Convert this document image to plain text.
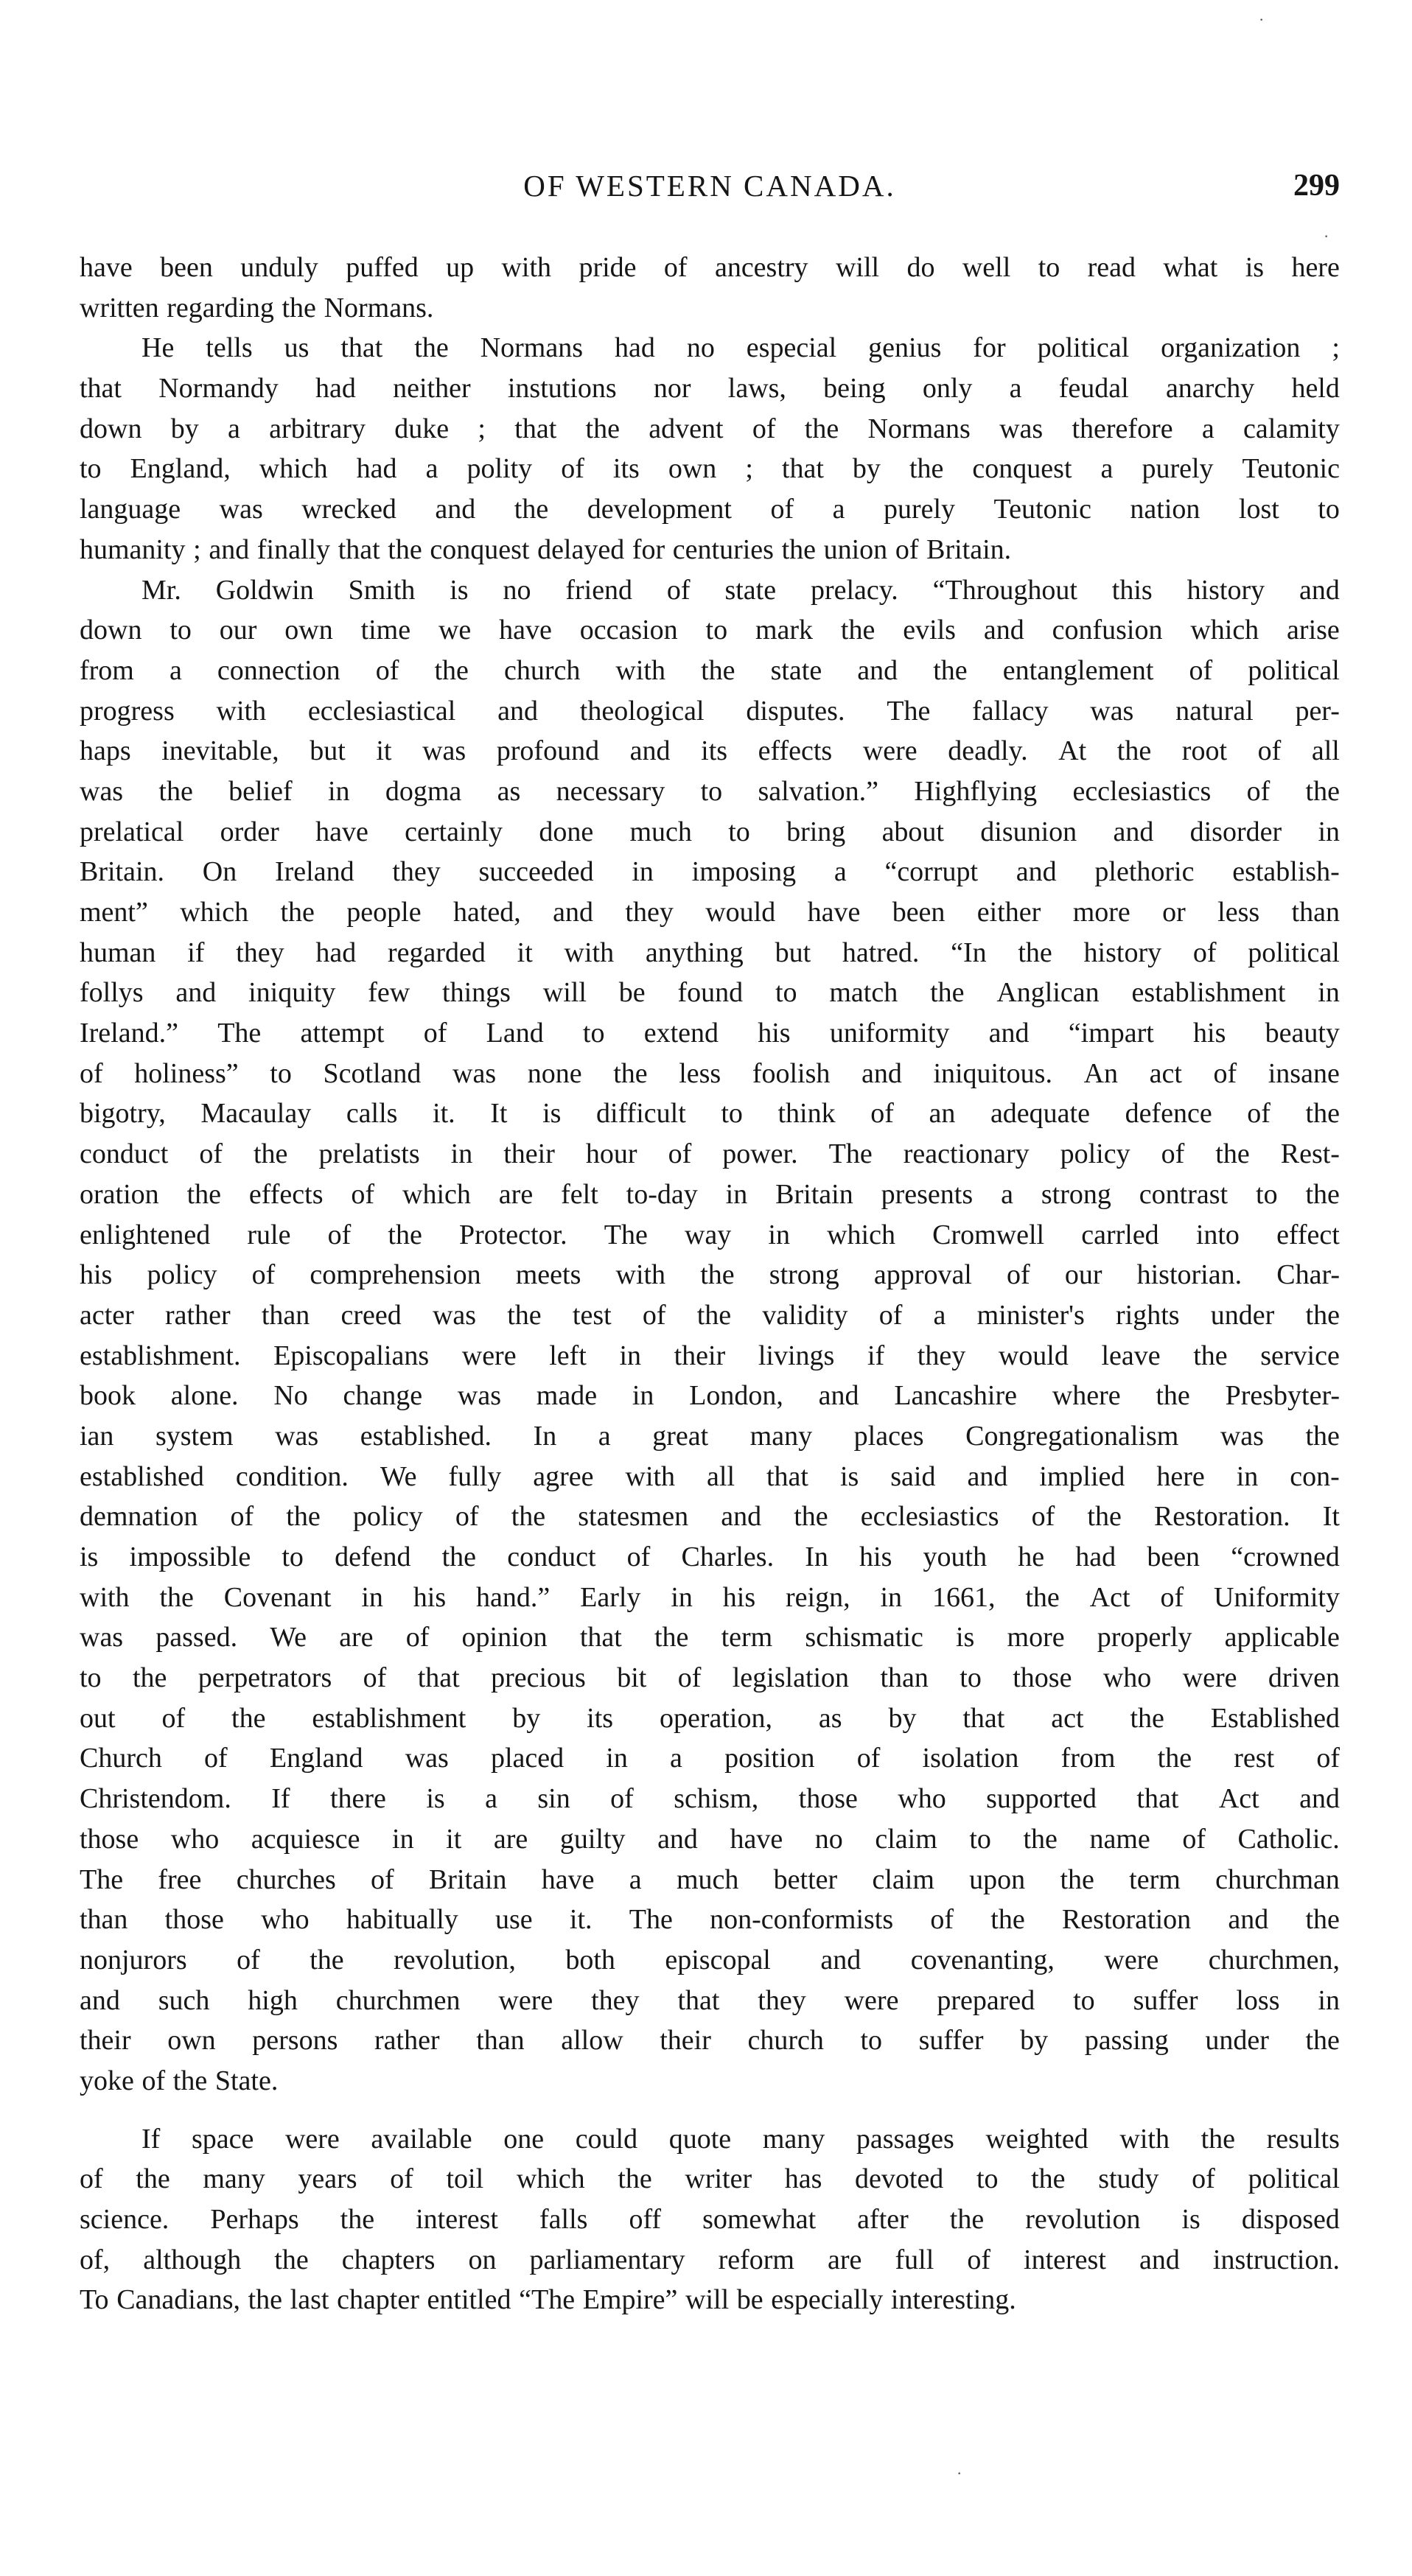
·
·
·
OF WESTERN CANADA.	299
have been unduly puffed up with pride of ancestry will do well to read what is here
written regarding the Normans.
He tells us that the Normans had no especial genius for political organization ;
that Normandy had neither instutions nor laws, being only a feudal anarchy held
down by a arbitrary duke ; that the advent of the Normans was therefore a calamity
to England, which had a polity of its own ; that by the conquest a purely Teutonic
language was wrecked and the development of a purely Teutonic nation lost to
humanity ; and finally that the conquest delayed for centuries the union of Britain.
Mr. Goldwin Smith is no friend of state prelacy. “Throughout this history and
down to our own time we have occasion to mark the evils and confusion which arise
from a connection of the church with the state and the entanglement of political
progress with ecclesiastical and theological disputes. The fallacy was natural per-
haps inevitable, but it was profound and its effects were deadly. At the root of all
was the belief in dogma as necessary to salvation.” Highflying ecclesiastics of the
prelatical order have certainly done much to bring about disunion and disorder in
Britain. On Ireland they succeeded in imposing a “corrupt and plethoric establish-
ment” which the people hated, and they would have been either more or less than
human if they had regarded it with anything but hatred. “In the history of political
follys and iniquity few things will be found to match the Anglican establishment in
Ireland.” The attempt of Land to extend his uniformity and “impart his beauty
of holiness” to Scotland was none the less foolish and iniquitous. An act of insane
bigotry, Macaulay calls it. It is difficult to think of an adequate defence of the
conduct of the prelatists in their hour of power. The reactionary policy of the Rest-
oration the effects of which are felt to-day in Britain presents a strong contrast to the
enlightened rule of the Protector. The way in which Cromwell carrled into effect
his policy of comprehension meets with the strong approval of our historian. Char-
acter rather than creed was the test of the validity of a minister's rights under the
establishment. Episcopalians were left in their livings if they would leave the service
book alone. No change was made in London, and Lancashire where the Presbyter-
ian system was established. In a great many places Congregationalism was the
established condition. We fully agree with all that is said and implied here in con-
demnation of the policy of the statesmen and the ecclesiastics of the Restoration. It
is impossible to defend the conduct of Charles. In his youth he had been “crowned
with the Covenant in his hand.” Early in his reign, in 1661, the Act of Uniformity
was passed. We are of opinion that the term schismatic is more properly applicable
to the perpetrators of that precious bit of legislation than to those who were driven
out of the establishment by its operation, as by that act the Established
Church of England was placed in a position of isolation from the rest of
Christendom. If there is a sin of schism, those who supported that Act and
those who acquiesce in it are guilty and have no claim to the name of Catholic.
The free churches of Britain have a much better claim upon the term churchman
than those who habitually use it. The non-conformists of the Restoration and the
nonjurors of the revolution, both episcopal and covenanting, were churchmen,
and such high churchmen were they that they were prepared to suffer loss in
their own persons rather than allow their church to suffer by passing under the
yoke of the State.
If space were available one could quote many passages weighted with the results
of the many years of toil which the writer has devoted to the study of political
science. Perhaps the interest falls off somewhat after the revolution is disposed
of, although the chapters on parliamentary reform are full of interest and instruction.
To Canadians, the last chapter entitled “The Empire” will be especially interesting.
